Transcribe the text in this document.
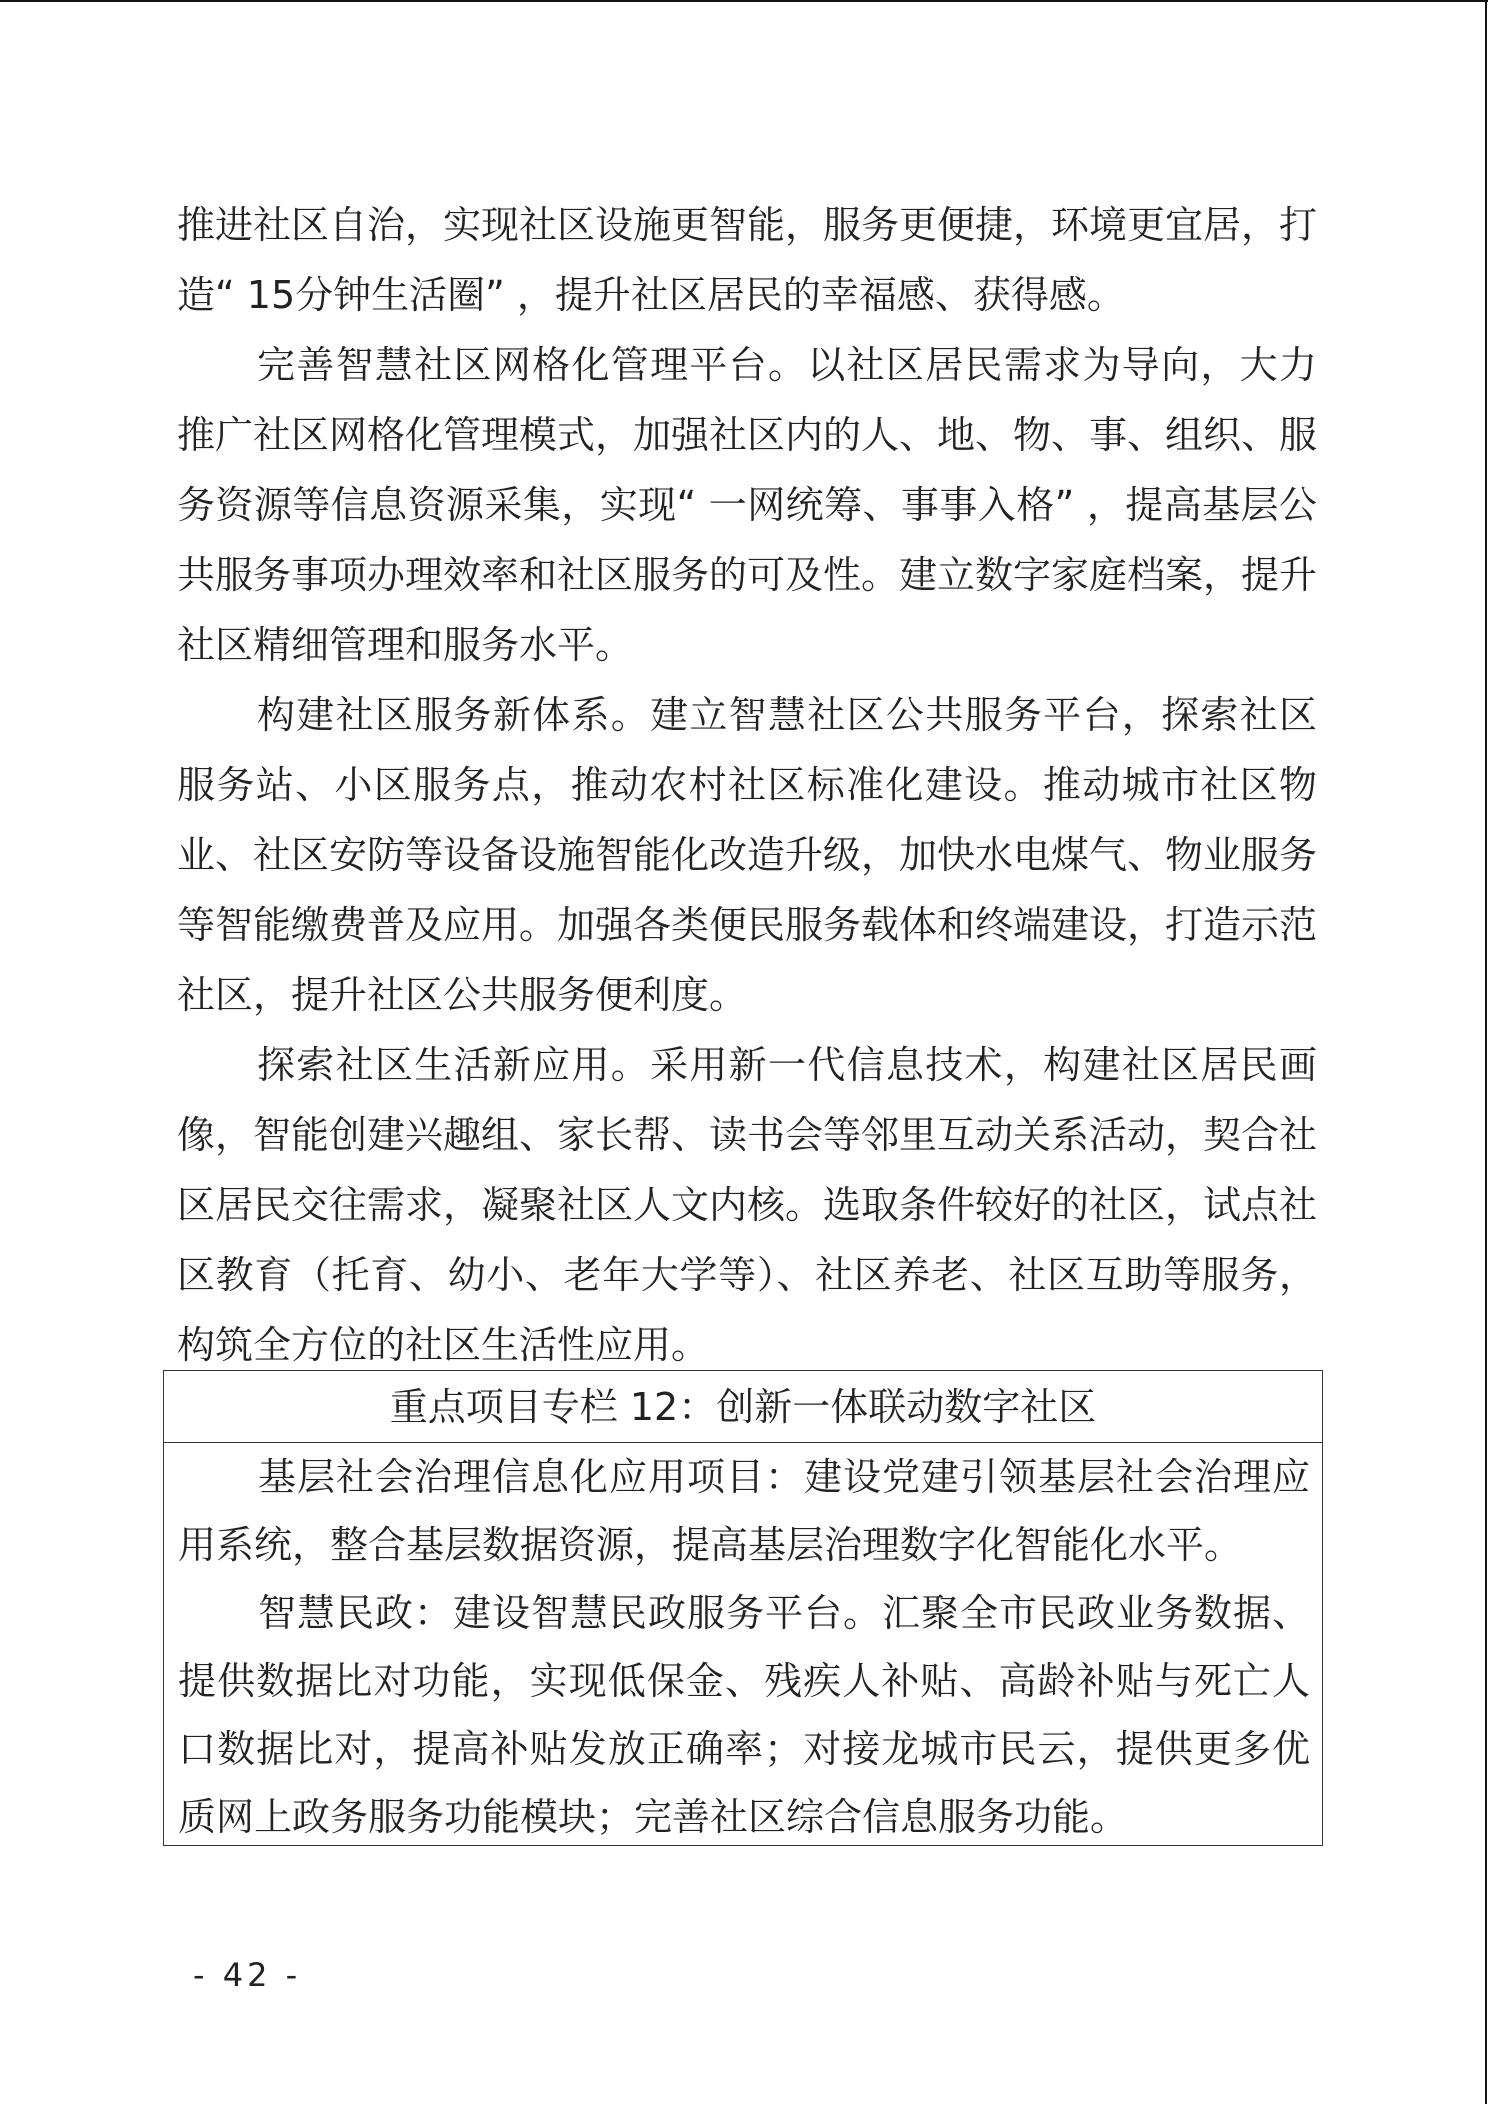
推进社区自治，实现社区设施更智能，服务更便捷，环境更宜居，打造“ 15分钟生活圈” ，提升社区居民的幸福感、获得感。

完善智慧社区网格化管理平台。以社区居民需求为导向，大力推广社区网格化管理模式，加强社区内的人、地、物、事、组织、服务资源等信息资源采集，实现“ 一网统筹、事事入格” ，提高基层公共服务事项办理效率和社区服务的可及性。建立数字家庭档案，提升社区精细管理和服务水平。

构建社区服务新体系。建立智慧社区公共服务平台，探索社区服务站、小区服务点，推动农村社区标准化建设。推动城市社区物业、社区安防等设备设施智能化改造升级，加快水电煤气、物业服务等智能缴费普及应用。加强各类便民服务载体和终端建设，打造示范社区，提升社区公共服务便利度。

探索社区生活新应用。采用新一代信息技术，构建社区居民画像，智能创建兴趣组、家长帮、读书会等邻里互动关系活动，契合社区居民交往需求，凝聚社区人文内核。选取条件较好的社区，试点社区教育（托育、幼小、老年大学等）、社区养老、社区互助等服务，构筑全方位的社区生活性应用。

重点项目专栏 12：创新一体联动数字社区

基层社会治理信息化应用项目：建设党建引领基层社会治理应用系统，整合基层数据资源，提高基层治理数字化智能化水平。

智慧民政：建设智慧民政服务平台。汇聚全市民政业务数据、提供数据比对功能，实现低保金、残疾人补贴、高龄补贴与死亡人口数据比对，提高补贴发放正确率；对接龙城市民云，提供更多优质网上政务服务功能模块；完善社区综合信息服务功能。

- 42 -
